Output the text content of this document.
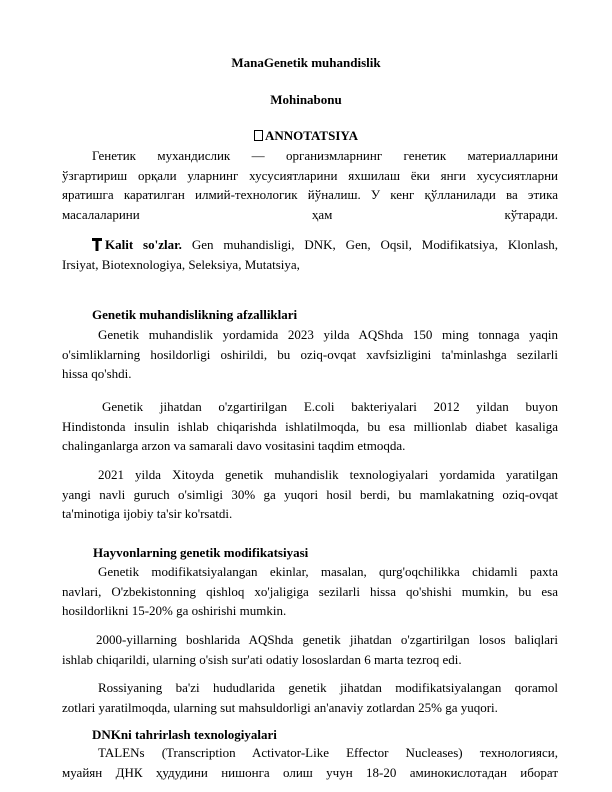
ManaGenetik muhandislik
Mohinabonu
ANNOTATSIYA
Генетик мухандислик — организмларнинг генетик материалларини
ўзгартириш орқали уларнинг хусусиятларини яхшилаш ёки янги хусусиятларни
яратишга каратилган илмий-технологик йўналиш. У кенг қўлланилади ва этика
масалаларини ҳам кўтаради.
Kalit so'zlar. Gen muhandisligi, DNK, Gen, Oqsil, Modifikatsiya, Klonlash,
Irsiyat, Biotexnologiya, Seleksiya, Mutatsiya,
Genetik muhandislikning afzalliklari
Genetik muhandislik yordamida 2023 yilda AQShda 150 ming tonnaga yaqin
o'simliklarning hosildorligi oshirildi, bu oziq-ovqat xavfsizligini ta'minlashga sezilarli
hissa qo'shdi.
Genetik jihatdan o'zgartirilgan E.coli bakteriyalari 2012 yildan buyon
Hindistonda insulin ishlab chiqarishda ishlatilmoqda, bu esa millionlab diabet kasaliga
chalinganlarga arzon va samarali davo vositasini taqdim etmoqda.
2021 yilda Xitoyda genetik muhandislik texnologiyalari yordamida yaratilgan
yangi navli guruch o'simligi 30% ga yuqori hosil berdi, bu mamlakatning oziq-ovqat
ta'minotiga ijobiy ta'sir ko'rsatdi.
Hayvonlarning genetik modifikatsiyasi
Genetik modifikatsiyalangan ekinlar, masalan, qurg'oqchilikka chidamli paxta
navlari, O'zbekistonning qishloq xo'jaligiga sezilarli hissa qo'shishi mumkin, bu esa
hosildorlikni 15-20% ga oshirishi mumkin.
2000-yillarning boshlarida AQShda genetik jihatdan o'zgartirilgan losos baliqlari
ishlab chiqarildi, ularning o'sish sur'ati odatiy lososlardan 6 marta tezroq edi.
Rossiyaning ba'zi hududlarida genetik jihatdan modifikatsiyalangan qoramol
zotlari yaratilmoqda, ularning sut mahsuldorligi an'anaviy zotlardan 25% ga yuqori.
DNKni tahrirlash texnologiyalari
TALENs (Transcription Activator-Like Effector Nucleases) технологияси,
муайян ДНК ҳудудини нишонга олиш учун 18-20 аминокислотадан иборат
